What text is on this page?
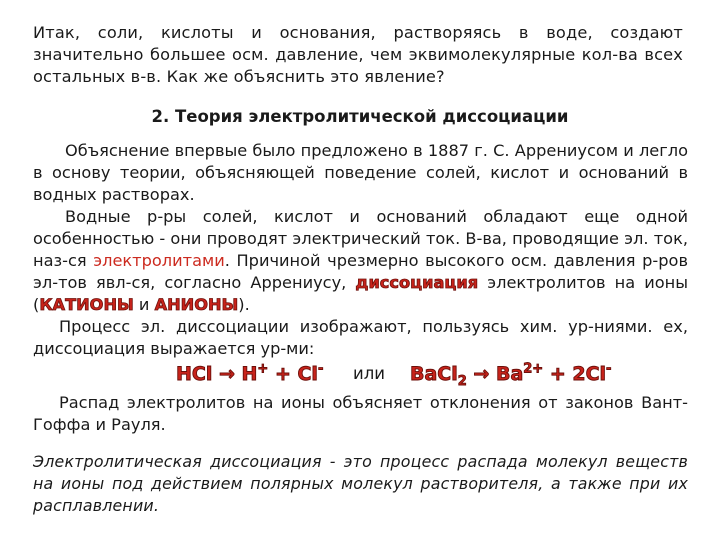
Итак, соли, кислоты и основания, растворяясь в воде, создают значительно большее осм. давление, чем эквимолекулярные кол-ва всех остальных в-в. Как же объяснить это явление?

2. Теория электролитической диссоциации

Объяснение впервые было предложено в 1887 г. С. Аррениусом и легло в основу теории, объясняющей поведение солей, кислот и оснований в водных растворах.
Водные р-ры солей, кислот и оснований обладают еще одной особенностью - они проводят электрический ток. В-ва, проводящие эл. ток, наз-ся электролитами. Причиной чрезмерно высокого осм. давления р-ров эл-тов явл-ся, согласно Аррениусу, диссоциация электролитов на ионы (КАТИОНЫ и АНИОНЫ).
Процесс эл. диссоциации изображают, пользуясь хим. ур-ниями. ех, диссоциация выражается ур-ми:

HCl → H+ + Cl- или BaCl$_2$ → $Ba^{2+} + 2Cl^-$

Распад электролитов на ионы объясняет отклонения от законов Вант-Гоффа и Рауля.

Электролитическая диссоциация - это процесс распада молекул веществ на ионы под действием полярных молекул растворителя, а также при их расплавлении.
